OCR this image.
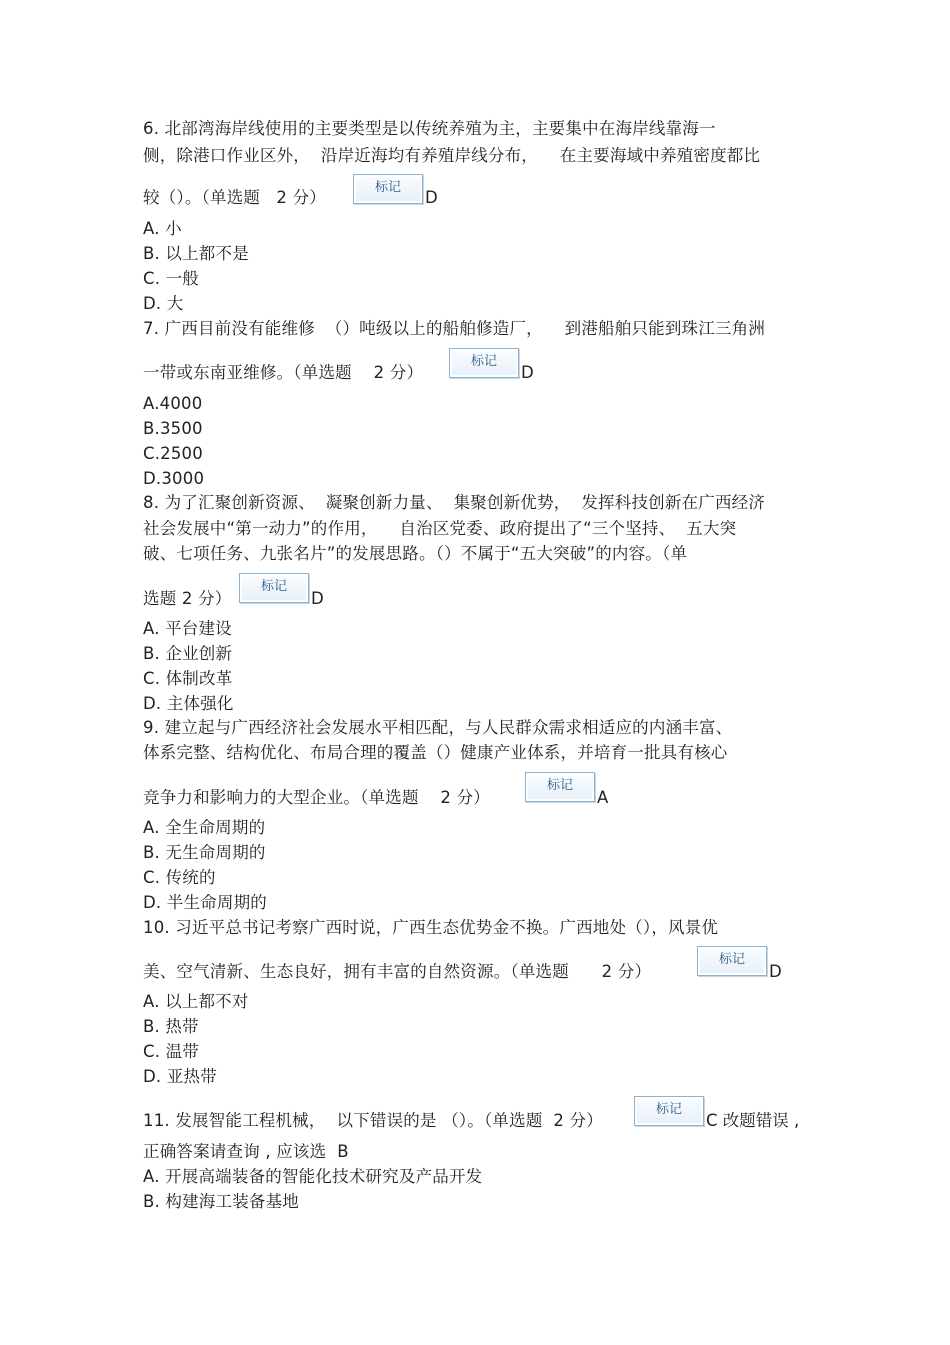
6. 北部湾海岸线使用的主要类型是以传统养殖为主，主要集中在海岸线靠海一
侧，除港口作业区外，  沿岸近海均有养殖岸线分布，    在主要海域中养殖密度都比
较（）。（单选题   2 分）
标记
D
A. 小
B. 以上都不是
C. 一般
D. 大
7. 广西目前没有能维修  （）吨级以上的船舶修造厂，    到港船舶只能到珠江三角洲
一带或东南亚维修。（单选题    2 分）
标记
D
A.4000
B.3500
C.2500
D.3000
8. 为了汇聚创新资源、  凝聚创新力量、  集聚创新优势，  发挥科技创新在广西经济
社会发展中“第一动力”的作用，    自治区党委、政府提出了“三个坚持、  五大突
破、七项任务、九张名片”的发展思路。（）不属于“五大突破”的内容。（单
选题 2 分）
标记
D
A. 平台建设
B. 企业创新
C. 体制改革
D. 主体强化
9. 建立起与广西经济社会发展水平相匹配，与人民群众需求相适应的内涵丰富、
体系完整、结构优化、布局合理的覆盖（）健康产业体系，并培育一批具有核心
竞争力和影响力的大型企业。（单选题    2 分）
标记
A
A. 全生命周期的
B. 无生命周期的
C. 传统的
D. 半生命周期的
10. 习近平总书记考察广西时说，广西生态优势金不换。广西地处（），风景优
美、空气清新、生态良好，拥有丰富的自然资源。（单选题      2 分）
标记
D
A. 以上都不对
B. 热带
C. 温带
D. 亚热带
11. 发展智能工程机械，  以下错误的是 （）。（单选题  2 分）
标记
C 改题错误 ,
正确答案请查询 , 应该选  B
A. 开展高端装备的智能化技术研究及产品开发
B. 构建海工装备基地
